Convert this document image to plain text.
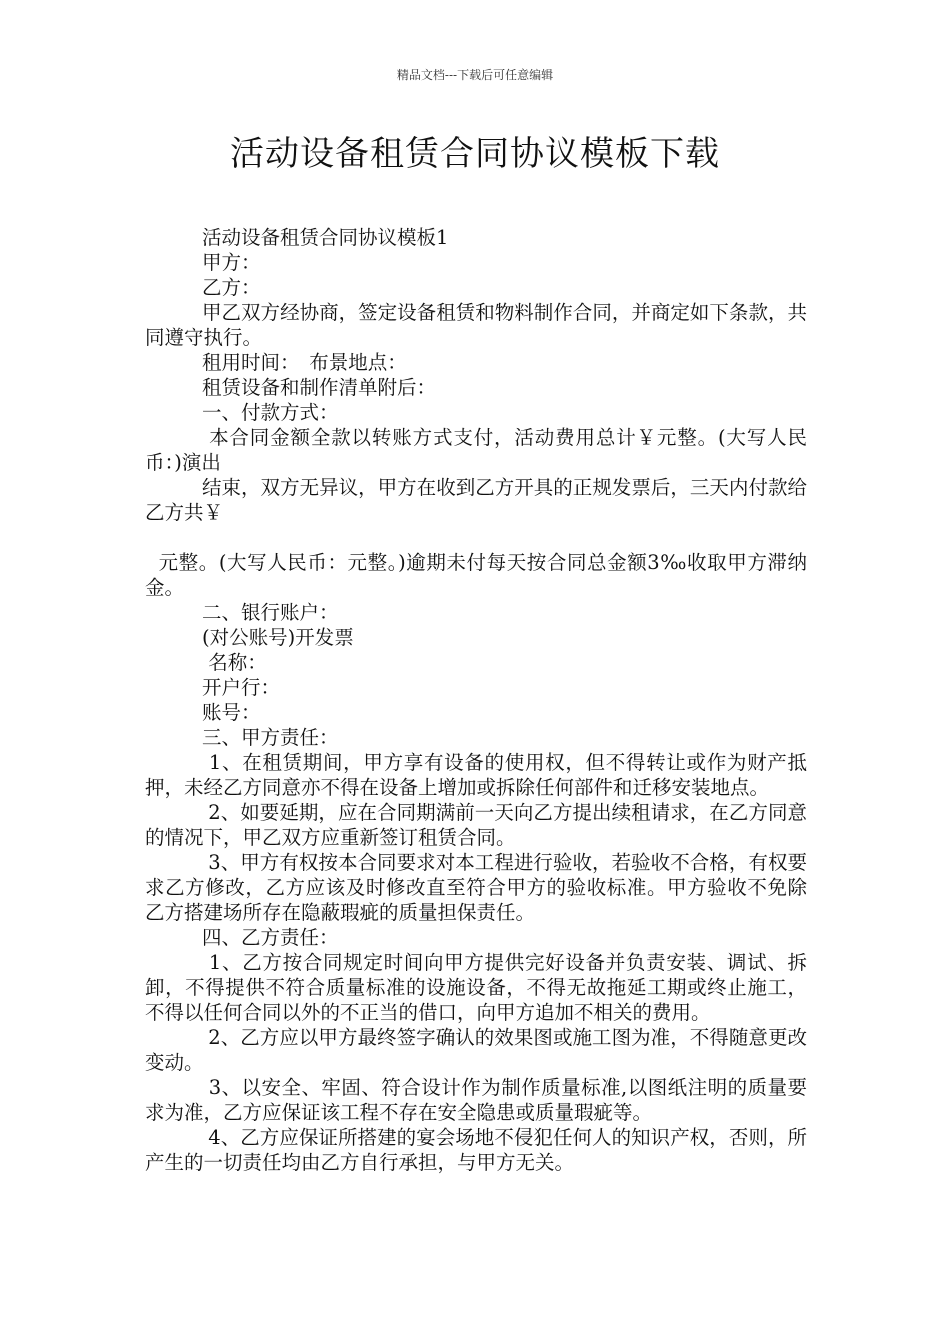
精品文档---下载后可任意编辑
活动设备租赁合同协议模板下载

活动设备租赁合同协议模板1

甲方：

乙方：

甲乙双方经协商，签定设备租赁和物料制作合同，并商定如下条款，共同遵守执行。

租用时间：　布景地点：

租赁设备和制作清单附后：

一、付款方式：

本合同金额全款以转账方式支付，活动费用总计￥元整。(大写人民币：)演出

结束，双方无异议，甲方在收到乙方开具的正规发票后，三天内付款给乙方共￥

元整。(大写人民币：元整。)逾期未付每天按合同总金额3‰收取甲方滞纳金。

二、银行账户：

(对公账号)开发票

名称：

开户行：

账号：

三、甲方责任：

1、在租赁期间，甲方享有设备的使用权，但不得转让或作为财产抵押，未经乙方同意亦不得在设备上增加或拆除任何部件和迁移安装地点。

2、如要延期，应在合同期满前一天向乙方提出续租请求，在乙方同意的情况下，甲乙双方应重新签订租赁合同。

3、甲方有权按本合同要求对本工程进行验收，若验收不合格，有权要求乙方修改，乙方应该及时修改直至符合甲方的验收标准。甲方验收不免除乙方搭建场所存在隐蔽瑕疵的质量担保责任。

四、乙方责任：

1、乙方按合同规定时间向甲方提供完好设备并负责安装、调试、拆卸，不得提供不符合质量标准的设施设备，不得无故拖延工期或终止施工，不得以任何合同以外的不正当的借口，向甲方追加不相关的费用。

2、乙方应以甲方最终签字确认的效果图或施工图为准，不得随意更改变动。

3、以安全、牢固、符合设计作为制作质量标准,以图纸注明的质量要求为准，乙方应保证该工程不存在安全隐患或质量瑕疵等。

4、乙方应保证所搭建的宴会场地不侵犯任何人的知识产权，否则，所产生的一切责任均由乙方自行承担，与甲方无关。
